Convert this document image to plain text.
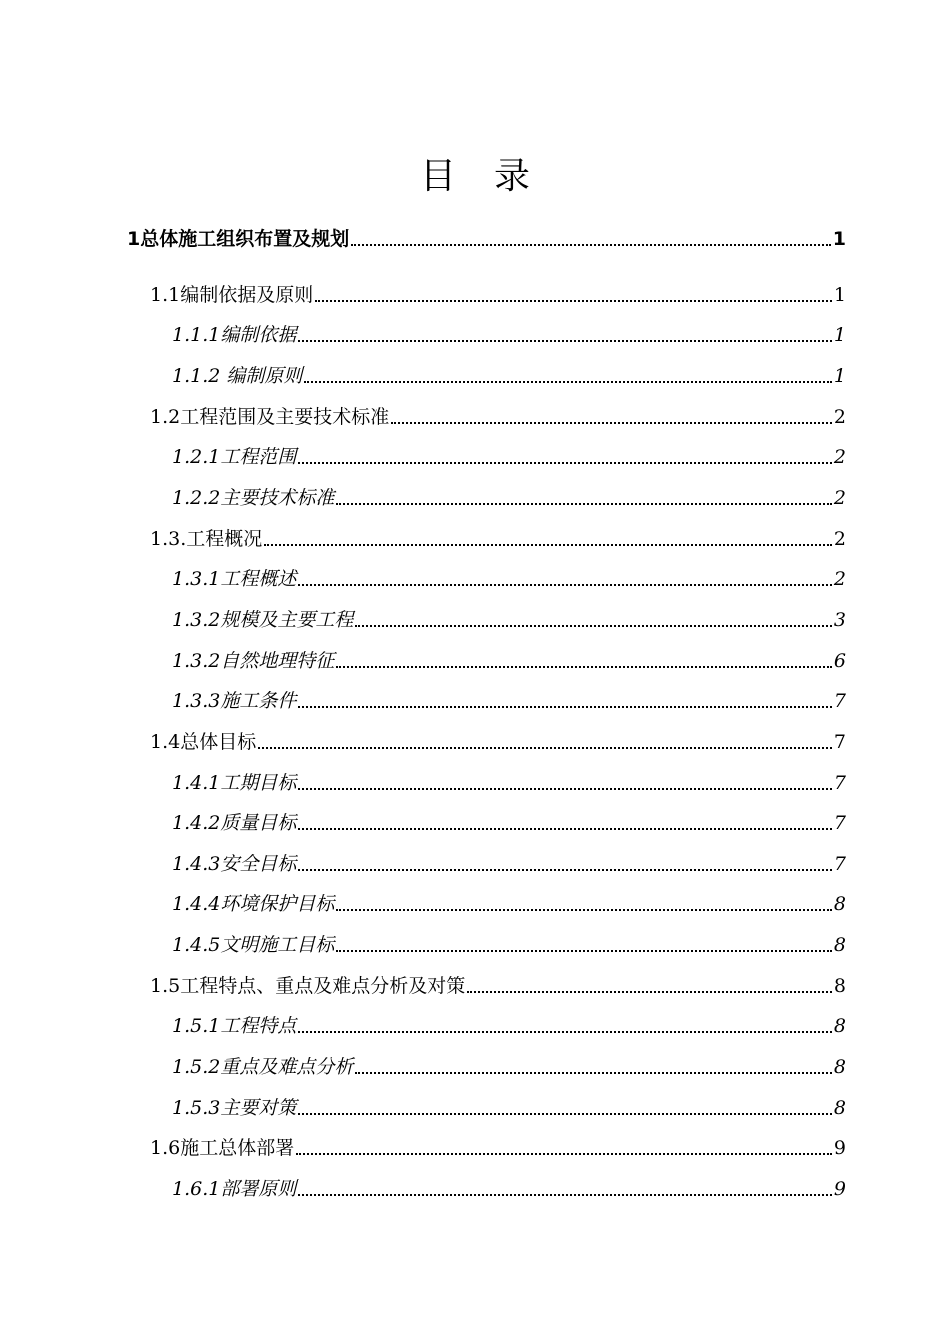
目 录
1总体施工组织布置及规划	1
1.1编制依据及原则	1
1.1.1编制依据	1
1.1.2 编制原则	1
1.2工程范围及主要技术标准	2
1.2.1工程范围	2
1.2.2主要技术标准	2
1.3.工程概况	2
1.3.1工程概述	2
1.3.2规模及主要工程	3
1.3.2自然地理特征	6
1.3.3施工条件	7
1.4总体目标	7
1.4.1工期目标	7
1.4.2质量目标	7
1.4.3安全目标	7
1.4.4环境保护目标	8
1.4.5文明施工目标	8
1.5工程特点、重点及难点分析及对策	8
1.5.1工程特点	8
1.5.2重点及难点分析	8
1.5.3主要对策	8
1.6施工总体部署	9
1.6.1部署原则	9
